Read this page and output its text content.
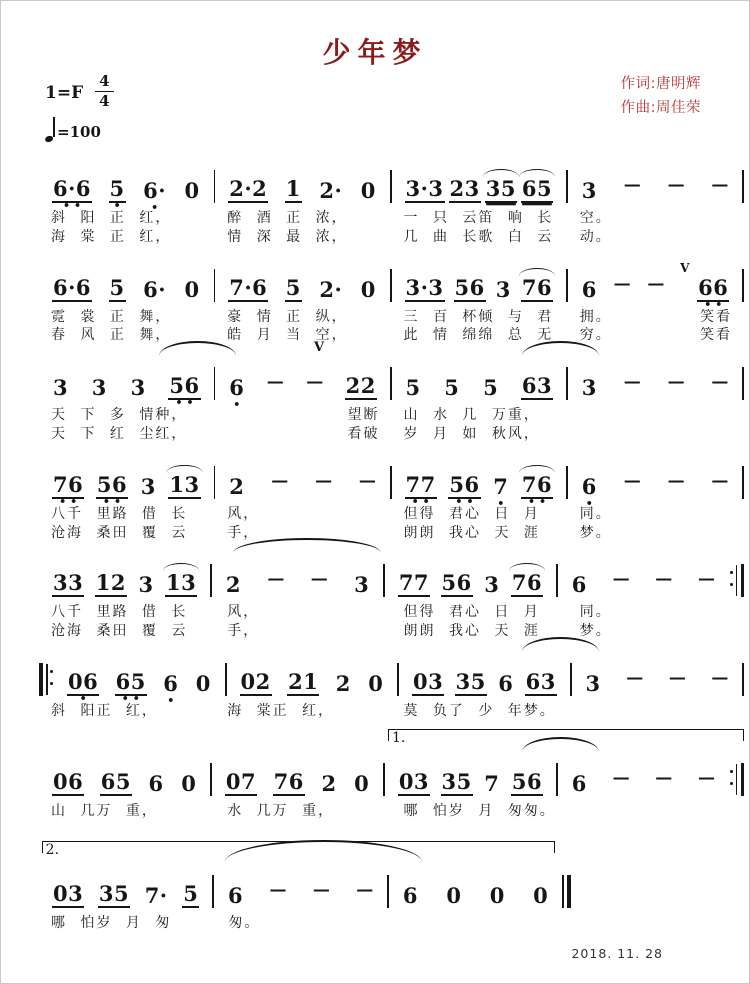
少年梦
$1=F \frac{4}{4}$
=100
作词:唐明辉
作曲:周佳荣
6·6 •• 5 • 6· • 0 2·2 1 2· 0 3·3 23 35 65 3 — — —
斜 阳 正 红，	醉 酒 正 浓，	一 只 云笛 响 长	空。
海 棠 正 红，	情 深 最 浓，	几 曲 长歌 白 云	动。
6·6 5 6· 0 7·6 5 2· 0 3·3 56 3 76 6 — —
V
66 ••
霓 裳 正 舞，	豪 情 正 纵，	三 百 杯倾 与 君	拥。	笑看
春 风 正 舞，	皓 月 当 空，	此 情 绵绵 总 无	穷。	笑看
V
3 3 3 56 •• 6 • — — 22 5 5 5 63 3 — — —
天 下 多 情种，	望断	山 水 几 万重，
天 下 红 尘红，	看破	岁 月 如 秋风，
76 •• 56 •• 3 13 2 — — — 77 •• 56 •• 7 • 76 •• 6 • — — —
八千 里路 借 长	风，	但得 君心 日 月	同。
沧海 桑田 覆 云	手，	朗朗 我心 天 涯	梦。
33 12 3 13 2 — — 3 77 56 3 76 6 — — —
八千 里路 借 长	风，	但得 君心 日 月	同。
沧海 桑田 覆 云	手，	朗朗 我心 天 涯	梦。
06 • 65 •• 6 • 0 02 21 2 0 03 35 6 63 3 — — —
斜 阳正 红，	海 棠正 红，	莫 负了 少 年梦。
1.
06 65 6 0 07 76 2 0 03 35 7 56 6 — — —
山 几万 重，	水 几万 重，	哪 怕岁 月 匆匆。
2.
03 35 7· 5 6 — — — 6 0 0 0
哪 怕岁 月 匆	匆。
2018. 11. 28
